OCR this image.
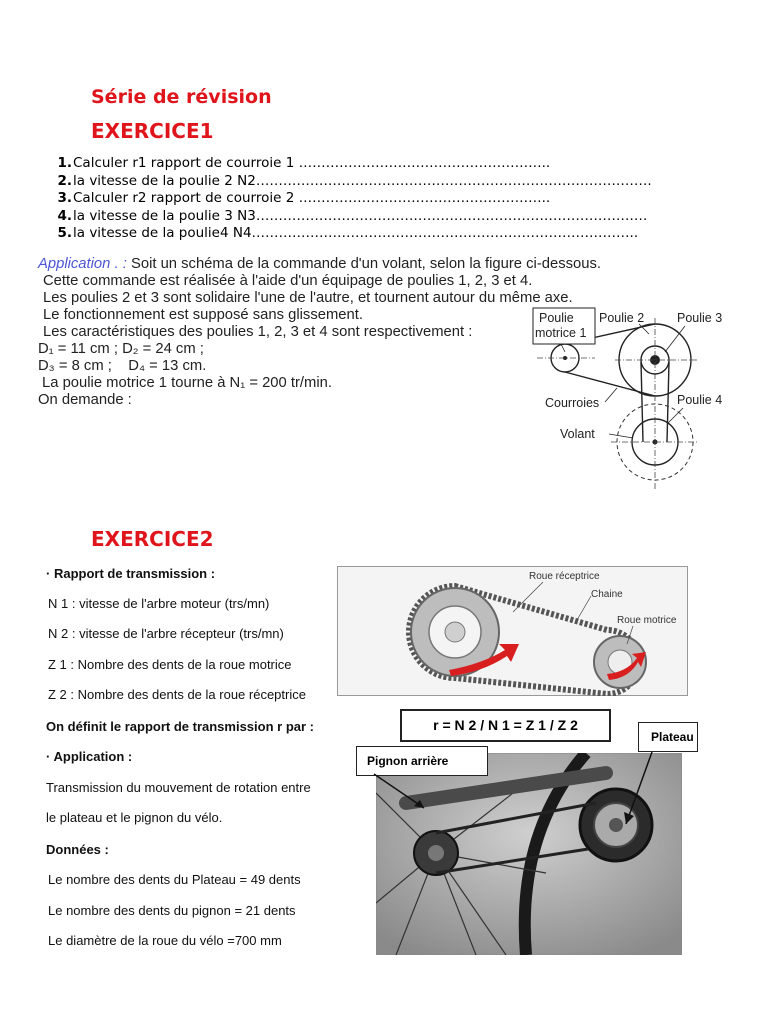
Série de révision
EXERCICE1
1.Calculer r1 rapport de courroie 1 ………………………………………………..
2.la vitesse de la poulie 2 N2…………………………………………………………………………….
3.Calculer r2 rapport de courroie 2 ………………………………………………..
4.la vitesse de la poulie 3 N3……………………………………………………………………………
5.la vitesse de la poulie4 N4…………………………………………………………………………..
Application . : Soit un schéma de la commande d'un volant, selon la figure ci-dessous.
Cette commande est réalisée à l'aide d'un équipage de poulies 1, 2, 3 et 4.
Les poulies 2 et 3 sont solidaire l'une de l'autre, et tournent autour du même axe.
Le fonctionnement est supposé sans glissement.
Les caractéristiques des poulies 1, 2, 3 et 4 sont respectivement :
D₁ = 11 cm ; D₂ = 24 cm ;
D₃ = 8 cm ;    D₄ = 13 cm.
La poulie motrice 1 tourne à N₁ = 200 tr/min.
On demande :
Poulie
motrice 1
Poulie 2	Poulie 3
Poulie 4
Courroies
Volant
EXERCICE2
· Rapport de transmission :
N 1 : vitesse de l'arbre moteur (trs/mn)
N 2 : vitesse de l'arbre récepteur (trs/mn)
Z 1 : Nombre des dents de la roue motrice
Z 2 : Nombre des dents de la roue réceptrice
On définit le rapport de transmission r par :
· Application :
Transmission du mouvement de rotation entre
le plateau et le pignon du vélo.
Données :
Le nombre des dents du Plateau = 49 dents
Le nombre des dents du pignon = 21 dents
Le diamètre de la roue du vélo =700 mm
Roue réceptrice
Chaine
Roue motrice
r = N 2 / N 1 = Z 1 / Z 2
Pignon arrière
Plateau
